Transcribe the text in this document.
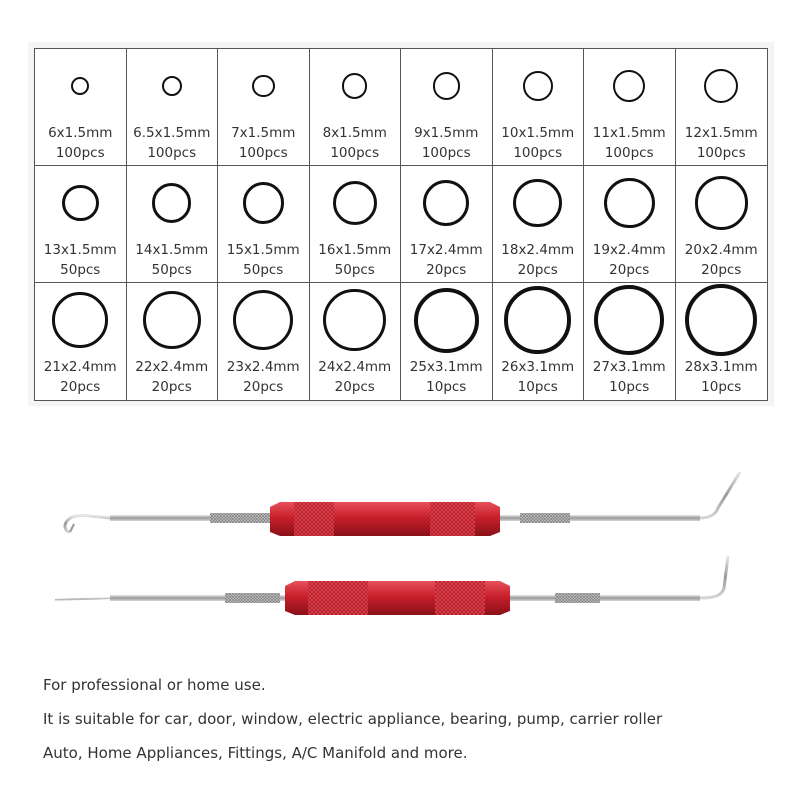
6x1.5mm
100pcs
6.5x1.5mm
100pcs
7x1.5mm
100pcs
8x1.5mm
100pcs
9x1.5mm
100pcs
10x1.5mm
100pcs
11x1.5mm
100pcs
12x1.5mm
100pcs
13x1.5mm
50pcs
14x1.5mm
50pcs
15x1.5mm
50pcs
16x1.5mm
50pcs
17x2.4mm
20pcs
18x2.4mm
20pcs
19x2.4mm
20pcs
20x2.4mm
20pcs
21x2.4mm
20pcs
22x2.4mm
20pcs
23x2.4mm
20pcs
24x2.4mm
20pcs
25x3.1mm
10pcs
26x3.1mm
10pcs
27x3.1mm
10pcs
28x3.1mm
10pcs

For professional or home use.

It is suitable for car, door, window, electric appliance, bearing, pump, carrier roller

Auto, Home Appliances, Fittings, A/C Manifold and more.
